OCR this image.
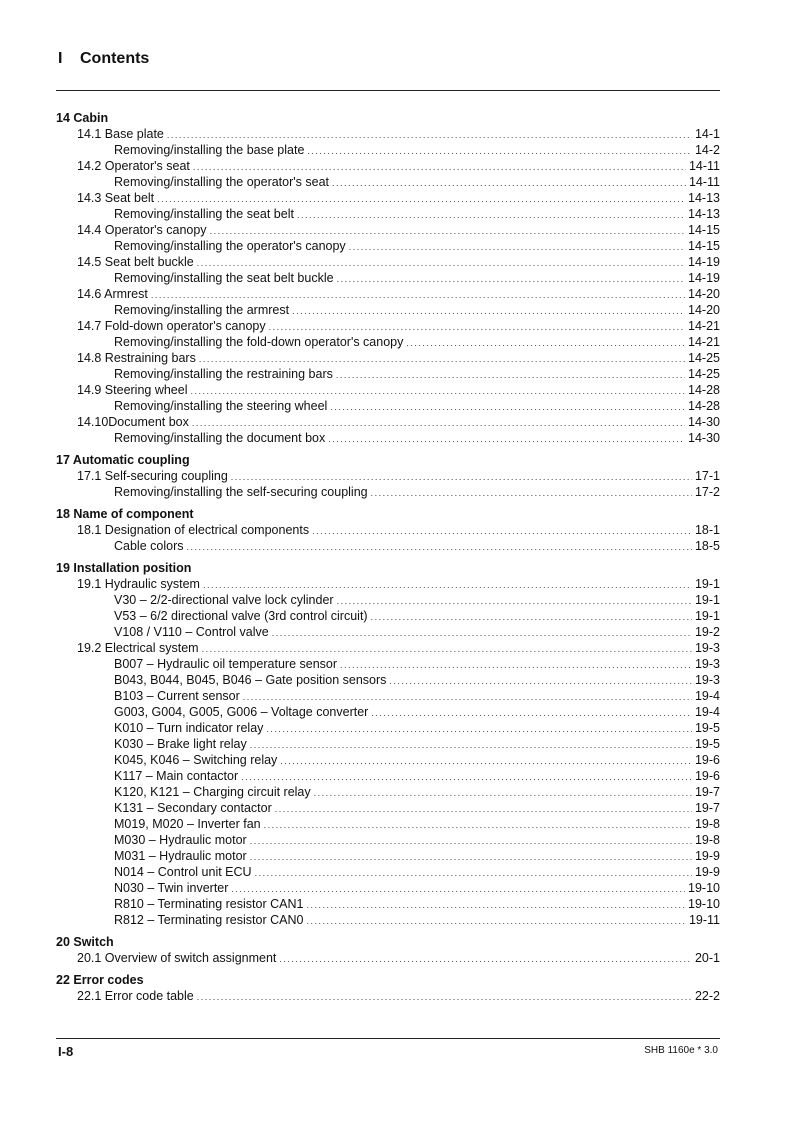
I Contents
14 Cabin
14.1 Base plate .....	14-1
Removing/installing the base plate .....	14-2
14.2 Operator's seat .....	14-11
Removing/installing the operator's seat .....	14-11
14.3 Seat belt .....	14-13
Removing/installing the seat belt .....	14-13
14.4 Operator's canopy .....	14-15
Removing/installing the operator's canopy .....	14-15
14.5 Seat belt buckle .....	14-19
Removing/installing the seat belt buckle .....	14-19
14.6 Armrest .....	14-20
Removing/installing the armrest .....	14-20
14.7 Fold-down operator's canopy .....	14-21
Removing/installing the fold-down operator's canopy .....	14-21
14.8 Restraining bars .....	14-25
Removing/installing the restraining bars .....	14-25
14.9 Steering wheel .....	14-28
Removing/installing the steering wheel .....	14-28
14.10Document box .....	14-30
Removing/installing the document box .....	14-30
17 Automatic coupling
17.1 Self-securing coupling .....	17-1
Removing/installing the self-securing coupling .....	17-2
18 Name of component
18.1 Designation of electrical components .....	18-1
Cable colors .....	18-5
19 Installation position
19.1 Hydraulic system .....	19-1
V30 – 2/2-directional valve lock cylinder .....	19-1
V53 – 6/2 directional valve (3rd control circuit) .....	19-1
V108 / V110 – Control valve .....	19-2
19.2 Electrical system .....	19-3
B007 – Hydraulic oil temperature sensor .....	19-3
B043, B044, B045, B046 – Gate position sensors .....	19-3
B103 – Current sensor .....	19-4
G003, G004, G005, G006 – Voltage converter .....	19-4
K010 – Turn indicator relay .....	19-5
K030 – Brake light relay .....	19-5
K045, K046 – Switching relay .....	19-6
K117 – Main contactor .....	19-6
K120, K121 – Charging circuit relay .....	19-7
K131 – Secondary contactor .....	19-7
M019, M020 – Inverter fan .....	19-8
M030 – Hydraulic motor .....	19-8
M031 – Hydraulic motor .....	19-9
N014 – Control unit ECU .....	19-9
N030 – Twin inverter .....	19-10
R810 – Terminating resistor CAN1 .....	19-10
R812 – Terminating resistor CAN0 .....	19-11
20 Switch
20.1 Overview of switch assignment .....	20-1
22 Error codes
22.1 Error code table .....	22-2
I-8	SHB 1160e * 3.0
